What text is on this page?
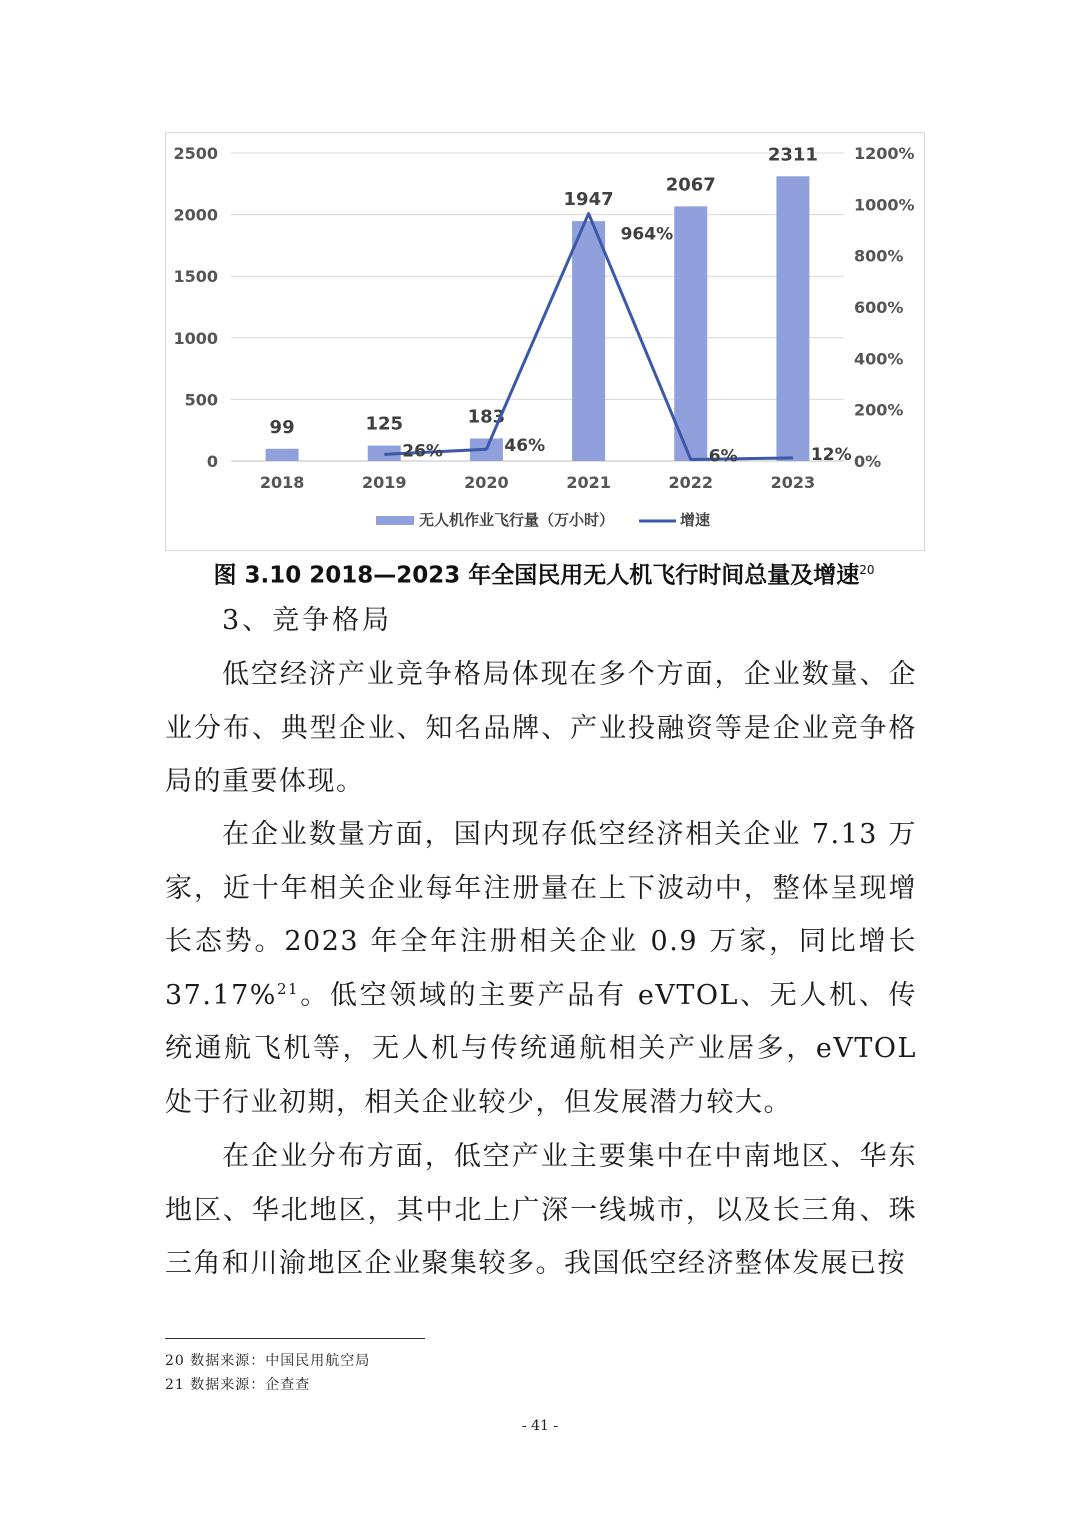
0
500
1000
1500
2000
2500
0%
200%
400%
600%
800%
1000%
1200%
2018	2019	2020	2021	2022	2023
99	125	183
1947
2067
2311
26%	46%
964%
6%	12%
无人机作业飞行量（万小时）	增速
图 3.10 2018—2023 年全国民用无人机飞行时间总量及增速$^{20}$
3、竞争格局
低空经济产业竞争格局体现在多个方面，企业数量、企业分布、典型企业、知名品牌、产业投融资等是企业竞争格局的重要体现。
在企业数量方面，国内现存低空经济相关企业 7.13 万家，近十年相关企业每年注册量在上下波动中，整体呈现增长态势。2023 年全年注册相关企业 0.9 万家，同比增长 37.17%$^{21}$。低空领域的主要产品有 eVTOL、无人机、传统通航飞机等，无人机与传统通航相关产业居多，eVTOL 处于行业初期，相关企业较少，但发展潜力较大。
在企业分布方面，低空产业主要集中在中南地区、华东地区、华北地区，其中北上广深一线城市，以及长三角、珠三角和川渝地区企业聚集较多。我国低空经济整体发展已按
20 数据来源：中国民用航空局
21 数据来源：企查查
- 41 -
